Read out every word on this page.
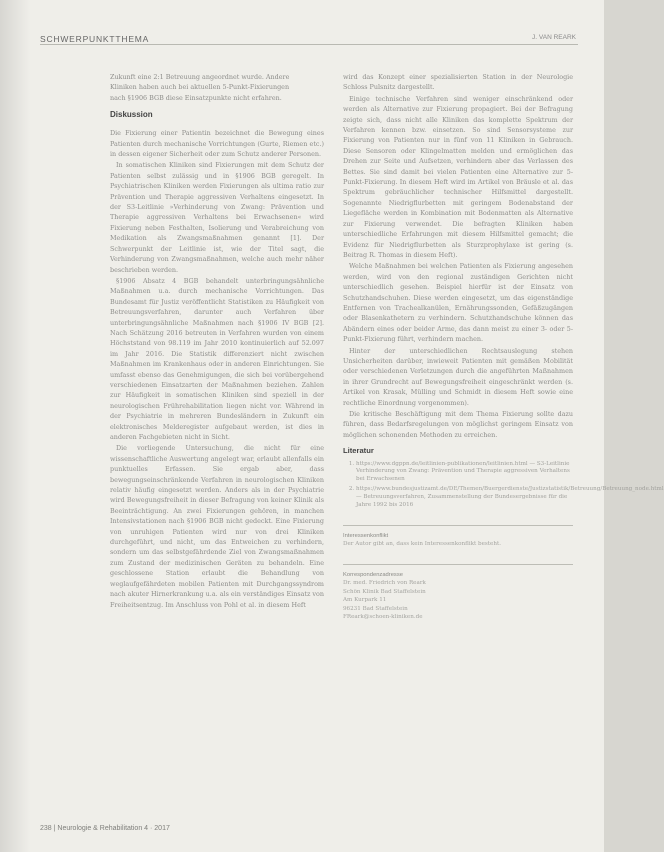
SCHWERPUNKTTHEMA	J. VAN REARK

Zukunft eine 2:1 Betreuung angeordnet wurde. Andere

Kliniken haben auch bei aktuellen 5-Punkt-Fixierungen

nach §1906 BGB diese Einsatzpunkte nicht erfahren.

Diskussion

Die Fixierung einer Patientin bezeichnet die Bewegung eines Patienten durch mechanische Vorrichtungen (Gurte, Riemen etc.) in dessen eigener Sicherheit oder zum Schutz anderer Personen.

In somatischen Kliniken sind Fixierungen mit dem Schutz der Patienten selbst zulässig und in §1906 BGB geregelt. In Psychiatrischen Kliniken werden Fixierungen als ultima ratio zur Prävention und Therapie aggressiven Verhaltens eingesetzt. In der S3-Leitlinie »Verhinderung von Zwang: Prävention und Therapie aggressiven Verhaltens bei Erwachsenen« wird Fixierung neben Festhalten, Isolierung und Verabreichung von Medikation als Zwangsmaßnahmen genannt [1]. Der Schwerpunkt der Leitlinie ist, wie der Titel sagt, die Verhinderung von Zwangsmaßnahmen, welche auch mehr näher beschrieben werden.

§1906 Absatz 4 BGB behandelt unterbringungsähnliche Maßnahmen u.a. durch mechanische Vorrichtungen. Das Bundesamt für Justiz veröffentlicht Statistiken zu Häufigkeit von Betreuungsverfahren, darunter auch Verfahren über unterbringungsähnliche Maßnahmen nach §1906 IV BGB [2]. Nach Schätzung 2016 betreuten in Verfahren wurden von einem Höchststand von 98.119 im Jahr 2010 kontinuierlich auf 52.097 im Jahr 2016. Die Statistik differenziert nicht zwischen Maßnahmen im Krankenhaus oder in anderen Einrichtungen. Sie umfasst ebenso das Genehmigungen, die sich bei vorübergehend verschiedenen Einsatzarten der Maßnahmen beziehen. Zahlen zur Häufigkeit in somatischen Kliniken sind speziell in der neurologischen Frührehabilitation liegen nicht vor. Während in der Psychiatrie in mehreren Bundesländern in Zukunft ein elektronisches Melderegister aufgebaut werden, ist dies in anderen Fachgebieten nicht in Sicht.

Die vorliegende Untersuchung, die nicht für eine wissenschaftliche Auswertung angelegt war, erlaubt allenfalls ein punktuelles Erfassen. Sie ergab aber, dass bewegungseinschränkende Verfahren in neurologischen Kliniken relativ häufig eingesetzt werden. Anders als in der Psychiatrie wird Bewegungsfreiheit in dieser Befragung von keiner Klinik als Beeinträchtigung. An zwei Fixierungen gehören, in manchen Intensivstationen nach §1906 BGB nicht gedeckt. Eine Fixierung von unruhigen Patienten wird nur von drei Kliniken durchgeführt, und nicht, um das Entweichen zu verhindern, sondern um das selbstgefährdende Ziel von Zwangsmaßnahmen zum Zustand der medizinischen Geräten zu behandeln. Eine geschlossene Station erlaubt die Behandlung von weglaufgefährdeten mobilen Patienten mit Durchgangssyndrom nach akuter Hirnerkrankung u.a. als ein verständiges Einsatz von Freiheitsentzug. Im Anschluss von Pohl et al. in diesem Heft

wird das Konzept einer spezialisierten Station in der Neurologie Schloss Pulsnitz dargestellt.

Einige technische Verfahren sind weniger einschränkend oder werden als Alternative zur Fixierung propagiert. Bei der Befragung zeigte sich, dass nicht alle Kliniken das komplette Spektrum der Verfahren kennen bzw. einsetzen. So sind Sensorsysteme zur Fixierung von Patienten nur in fünf von 11 Kliniken in Gebrauch. Diese Sensoren oder Klingelmatten melden und ermöglichen das Drehen zur Seite und Aufsetzen, verhindern aber das Verlassen des Bettes. Sie sind damit bei vielen Patienten eine Alternative zur 5-Punkt-Fixierung. In diesem Heft wird im Artikel von Bräusle et al. das Spektrum gebräuchlicher technischer Hilfsmittel dargestellt. Sogenannte Niedrigflurbetten mit geringem Bodenabstand der Liegefläche werden in Kombination mit Bodenmatten als Alternative zur Fixierung verwendet. Die befragten Kliniken haben unterschiedliche Erfahrungen mit diesem Hilfsmittel gemacht; die Evidenz für Niedrigflurbetten als Sturzprophylaxe ist gering (s. Beitrag R. Thomas in diesem Heft).

Welche Maßnahmen bei welchen Patienten als Fixierung angesehen werden, wird von den regional zuständigen Gerichten nicht unterschiedlich gesehen. Beispiel hierfür ist der Einsatz von Schutzhandschuhen. Diese werden eingesetzt, um das eigenständige Entfernen von Trachealkanülen, Ernährungssonden, Gefäßzugängen oder Blasenkathetern zu verhindern. Schutzhandschuhe können das Abändern eines oder beider Arme, das dann meist zu einer 3- oder 5-Punkt-Fixierung führt, verhindern machen.

Hinter der unterschiedlichen Rechtsauslegung stehen Unsicherheiten darüber, inwieweit Patienten mit gemäßen Mobilität oder verschiedenen Verletzungen durch die angeführten Maßnahmen in ihrer Grundrecht auf Bewegungsfreiheit eingeschränkt werden (s. Artikel von Krasak, Mülling und Schmidt in diesem Heft sowie eine rechtliche Einordnung vorgenommen).

Die kritische Beschäftigung mit dem Thema Fixierung sollte dazu führen, dass Bedarfsregelungen von möglichst geringem Einsatz von möglichen schonenden Methoden zu erreichen.

Literatur
1. https://www.dgppn.de/leitlinien-publikationen/leitlinien.html — S3-Leitlinie Verhinderung von Zwang: Prävention und Therapie aggressiven Verhaltens bei Erwachsenen
2. https://www.bundesjustizamt.de/DE/Themen/Buergerdienste/Justizstatistik/Betreuung/Betreuung_node.html — Betreuungsverfahren, Zusammenstellung der Bundesergebnisse für die Jahre 1992 bis 2016
Interessenkonflikt
Der Autor gibt an, dass kein Interessenkonflikt besteht.
Korrespondenzadresse
Dr. med. Friedrich von Reark
Schön Klinik Bad Staffelstein
Am Kurpark 11
96231 Bad Staffelstein
FReark@schoen-kliniken.de
238 | Neurologie & Rehabilitation 4 · 2017
